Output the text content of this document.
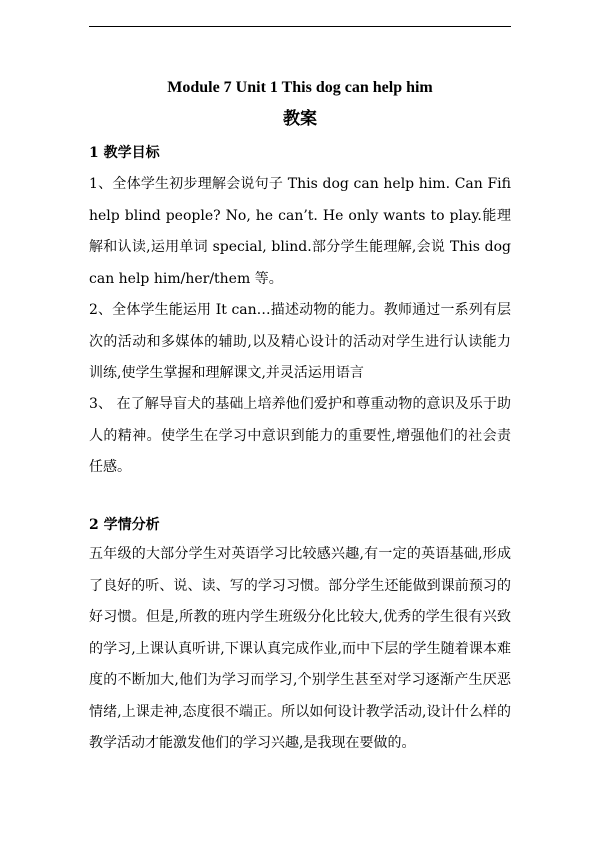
Module 7 Unit 1 This dog can help him
教案
1 教学目标

1、全体学生初步理解会说句子 This dog can help him. Can Fifi help blind people? No, he can’t. He only wants to play.能理解和认读,运用单词 special, blind.部分学生能理解,会说 This dog can help him/her/them 等。

2、全体学生能运用 It can…描述动物的能力。教师通过一系列有层次的活动和多媒体的辅助,以及精心设计的活动对学生进行认读能力训练,使学生掌握和理解课文,并灵活运用语言

3、 在了解导盲犬的基础上培养他们爱护和尊重动物的意识及乐于助人的精神。使学生在学习中意识到能力的重要性,增强他们的社会责任感。

2 学情分析

五年级的大部分学生对英语学习比较感兴趣,有一定的英语基础,形成了良好的听、说、读、写的学习习惯。部分学生还能做到课前预习的好习惯。但是,所教的班内学生班级分化比较大,优秀的学生很有兴致的学习,上课认真听讲,下课认真完成作业,而中下层的学生随着课本难度的不断加大,他们为学习而学习,个别学生甚至对学习逐渐产生厌恶情绪,上课走神,态度很不端正。所以如何设计教学活动,设计什么样的教学活动才能激发他们的学习兴趣,是我现在要做的。
